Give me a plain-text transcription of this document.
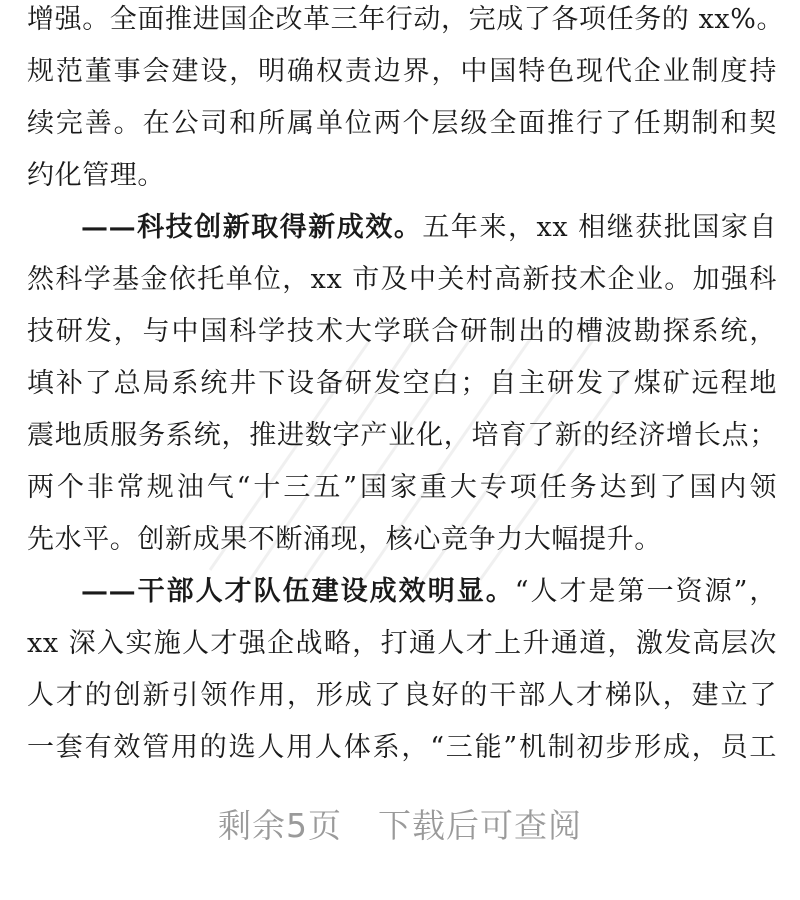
增强。全面推进国企改革三年行动，完成了各项任务的 xx%。
规范董事会建设，明确权责边界，中国特色现代企业制度持
续完善。在公司和所属单位两个层级全面推行了任期制和契
约化管理。
——科技创新取得新成效。五年来，xx 相继获批国家自
然科学基金依托单位，xx 市及中关村高新技术企业。加强科
技研发，与中国科学技术大学联合研制出的槽波勘探系统，
填补了总局系统井下设备研发空白；自主研发了煤矿远程地
震地质服务系统，推进数字产业化，培育了新的经济增长点；
两个非常规油气“十三五”国家重大专项任务达到了国内领
先水平。创新成果不断涌现，核心竞争力大幅提升。
——干部人才队伍建设成效明显。“人才是第一资源”，
xx 深入实施人才强企战略，打通人才上升通道，激发高层次
人才的创新引领作用，形成了良好的干部人才梯队，建立了
一套有效管用的选人用人体系，“三能”机制初步形成，员工
剩余5页 下载后可查阅
